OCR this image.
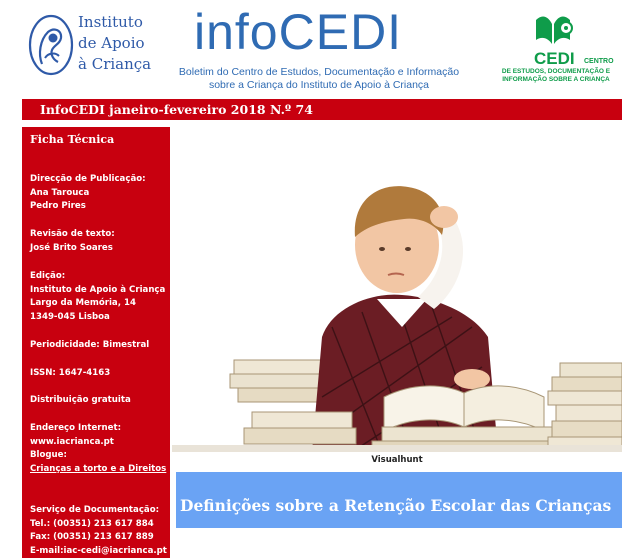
Instituto
de Apoio
à Criança
infoCEDI
Boletim do Centro de Estudos, Documentação e Informação
sobre a Criança do Instituto de Apoio à Criança
CEDI CENTRO
DE ESTUDOS, DOCUMENTAÇÃO E
INFORMAÇÃO SOBRE A CRIANÇA
InfoCEDI janeiro-fevereiro 2018 N.º 74
Ficha Técnica
Direcção de Publicação:
Ana Tarouca
Pedro Pires
Revisão de texto:
José Brito Soares
Edição:
Instituto de Apoio à Criança
Largo da Memória, 14
1349-045 Lisboa
Periodicidade: Bimestral
ISSN: 1647-4163
Distribuição gratuita
Endereço Internet:
www.iacrianca.pt
Blogue:
Crianças a torto e a Direitos
Serviço de Documentação:
Tel.: (00351) 213 617 884
Fax: (00351) 213 617 889
E-mail:iac-cedi@iacrianca.pt
Visualhunt
Definições sobre a Retenção Escolar das Crianças
